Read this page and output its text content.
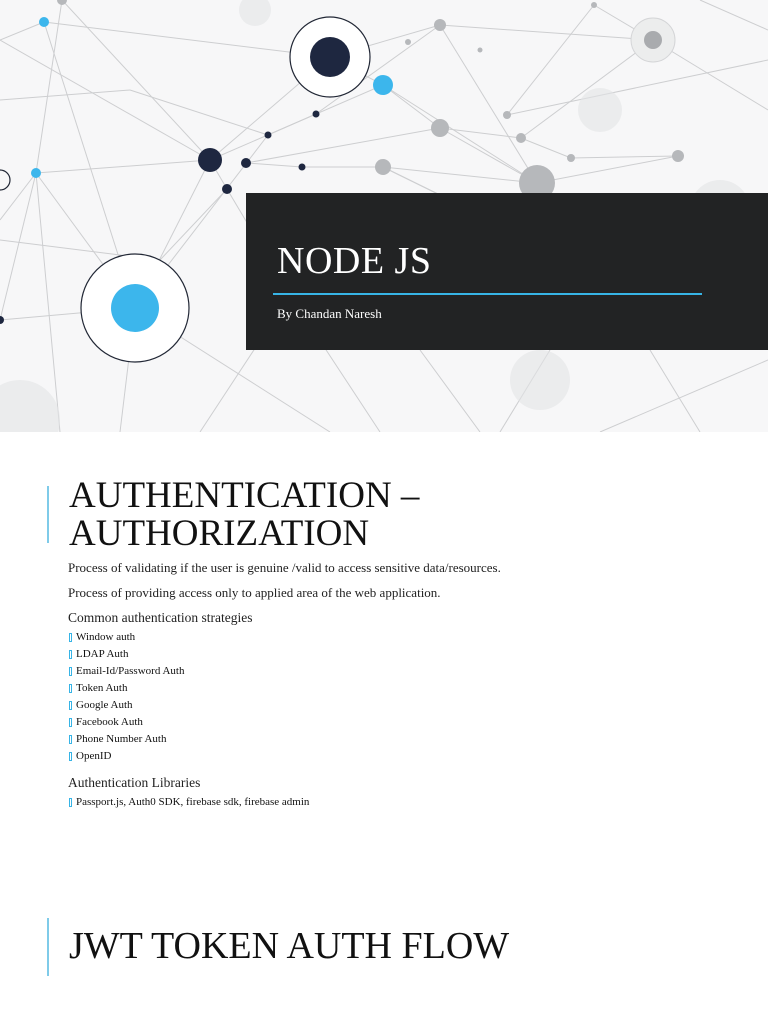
NODE JS
By Chandan Naresh
AUTHENTICATION –
AUTHORIZATION

Process of validating if the user is genuine /valid to access sensitive data/resources.

Process of providing access only to applied area of the web application.

Common authentication strategies
Window auth
LDAP Auth
Email-Id/Password Auth
Token Auth
Google Auth
Facebook Auth
Phone Number Auth
OpenID
Authentication Libraries
Passport.js, Auth0 SDK, firebase sdk, firebase admin
JWT TOKEN AUTH FLOW
